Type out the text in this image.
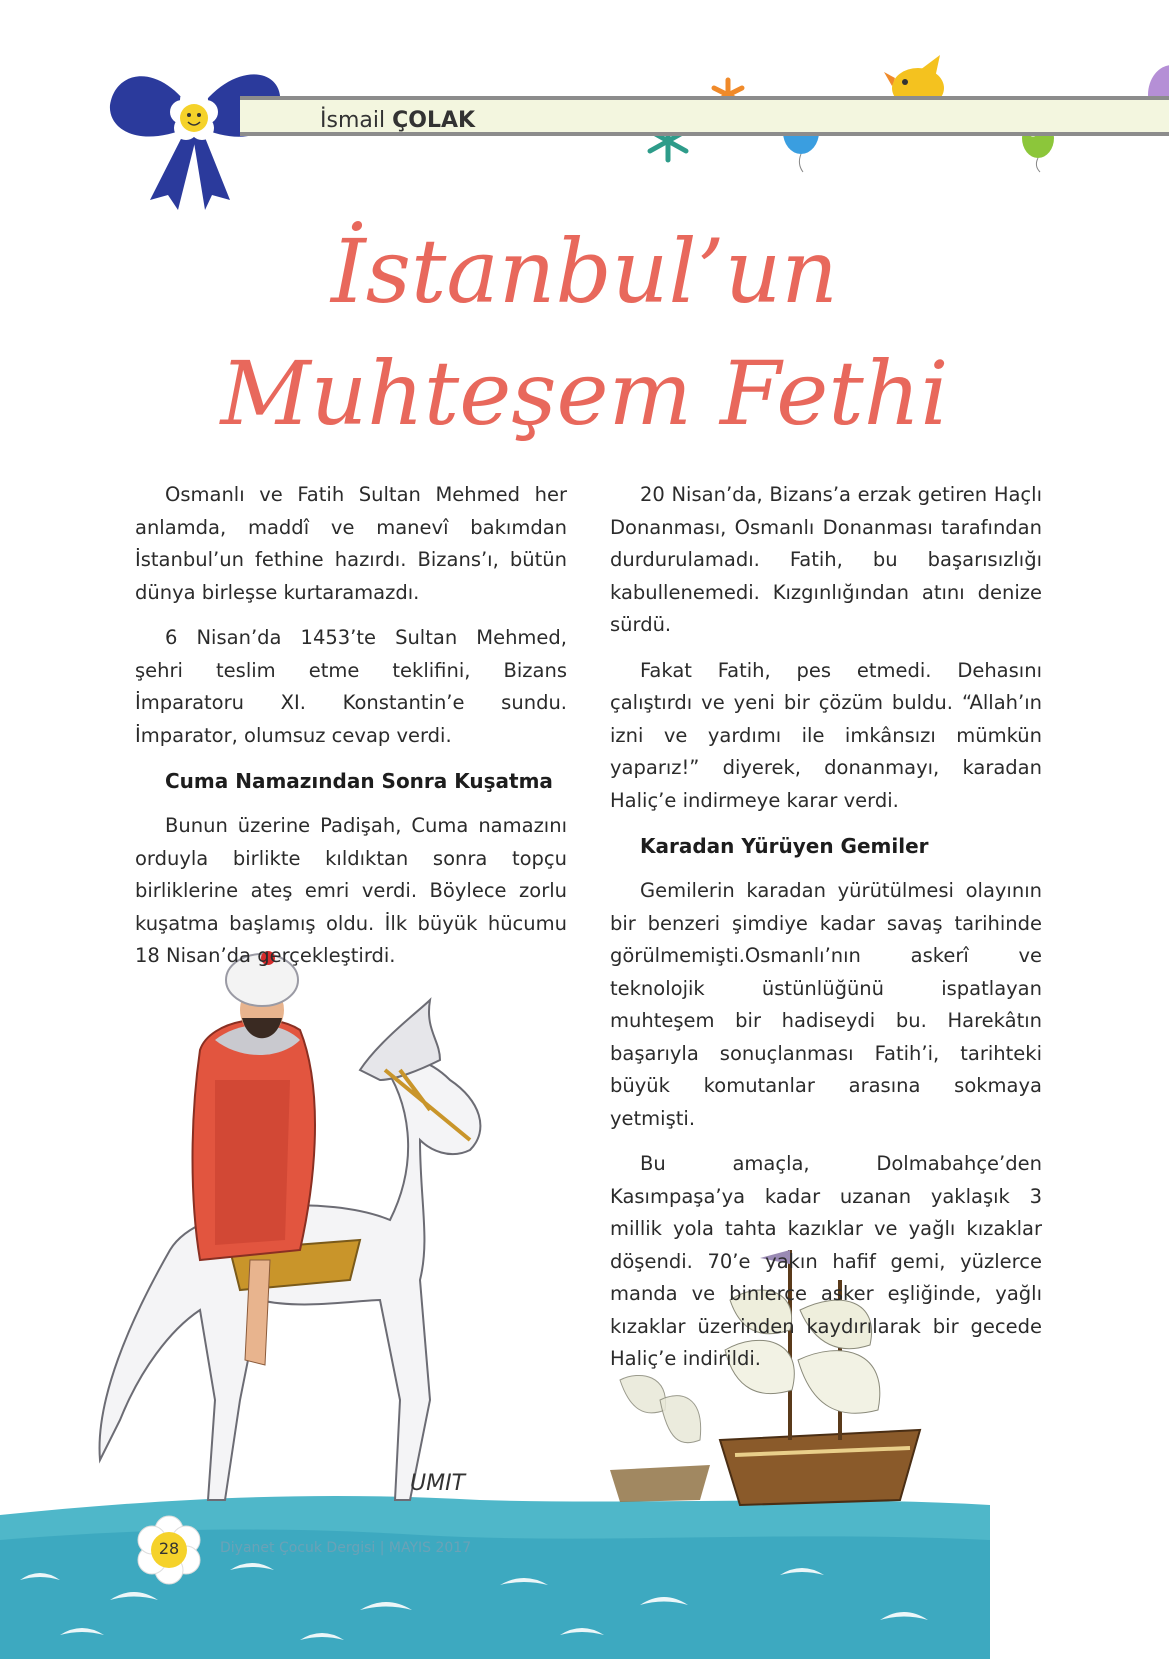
UMIT
İsmail ÇOLAK
İstanbul’un
Muhteşem Fethi

Osmanlı ve Fatih Sultan Mehmed her anlamda, maddî ve manevî bakımdan İstanbul’un fethine hazırdı. Bizans’ı, bütün dünya birleşse kurtaramazdı.

6 Nisan’da 1453’te Sultan Mehmed, şehri teslim etme teklifini, Bizans İmparatoru XI. Konstantin’e sundu. İmparator, olumsuz cevap verdi.

Cuma Namazından Sonra Kuşatma

Bunun üzerine Padişah, Cuma namazını orduyla birlikte kıldıktan sonra topçu birliklerine ateş emri verdi. Böylece zorlu kuşatma başlamış oldu. İlk büyük hücumu 18 Nisan’da gerçekleştirdi.

20 Nisan’da, Bizans’a erzak getiren Haçlı Donanması, Osmanlı Donanması tarafından durdurulamadı. Fatih, bu başarısızlığı kabullenemedi. Kızgınlığından atını denize sürdü.

Fakat Fatih, pes etmedi. Dehasını çalıştırdı ve yeni bir çözüm buldu. “Allah’ın izni ve yardımı ile imkânsızı mümkün yaparız!” diyerek, donanmayı, karadan Haliç’e indirmeye karar verdi.

Karadan Yürüyen Gemiler

Gemilerin karadan yürütülmesi olayının bir benzeri şimdiye kadar savaş tarihinde görülmemişti.Osmanlı’nın askerî ve teknolojik üstünlüğünü ispatlayan muhteşem bir hadiseydi bu. Harekâtın başarıyla sonuçlanması Fatih’i, tarihteki büyük komutanlar arasına sokmaya yetmişti.

Bu amaçla, Dolmabahçe’den Kasımpaşa’ya kadar uzanan yaklaşık 3 millik yola tahta kazıklar ve yağlı kızaklar döşendi. 70’e yakın hafif gemi, yüzlerce manda ve binlerce asker eşliğinde, yağlı kızaklar üzerinden kaydırılarak bir gecede Haliç’e indirildi.

28	Diyanet Çocuk Dergisi | MAYIS 2017
